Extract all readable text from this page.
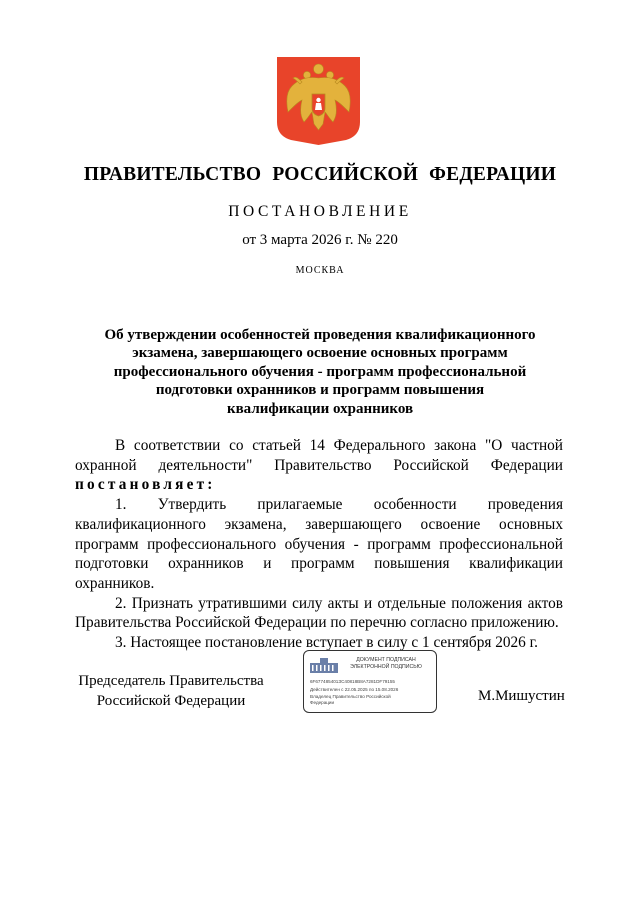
ПРАВИТЕЛЬСТВО РОССИЙСКОЙ ФЕДЕРАЦИИ
ПОСТАНОВЛЕНИЕ
от 3 марта 2026 г. № 220
МОСКВА
Об утверждении особенностей проведения квалификационного
экзамена, завершающего освоение основных программ
профессионального обучения - программ профессиональной
подготовки охранников и программ повышения
квалификации охранников

В соответствии со статьей 14 Федерального закона "О частной охранной деятельности" Правительство Российской Федерации постановляет:

1. Утвердить прилагаемые особенности проведения квалификационного экзамена, завершающего освоение основных программ профессионального обучения - программ профессиональной подготовки охранников и программ повышения квалификации охранников.

2. Признать утратившими силу акты и отдельные положения актов Правительства Российской Федерации по перечню согласно приложению.

3. Настоящее постановление вступает в силу с 1 сентября 2026 г.

Председатель Правительства
Российской Федерации
ДОКУМЕНТ ПОДПИСАН
ЭЛЕКТРОННОЙ ПОДПИСЬЮ
6F677485401ЗС40818В8А7281DF79155
Действителен с 22.05.2025 по 15.08.2026
Владелец Правительство Российской
Федерации	М.Мишустин
